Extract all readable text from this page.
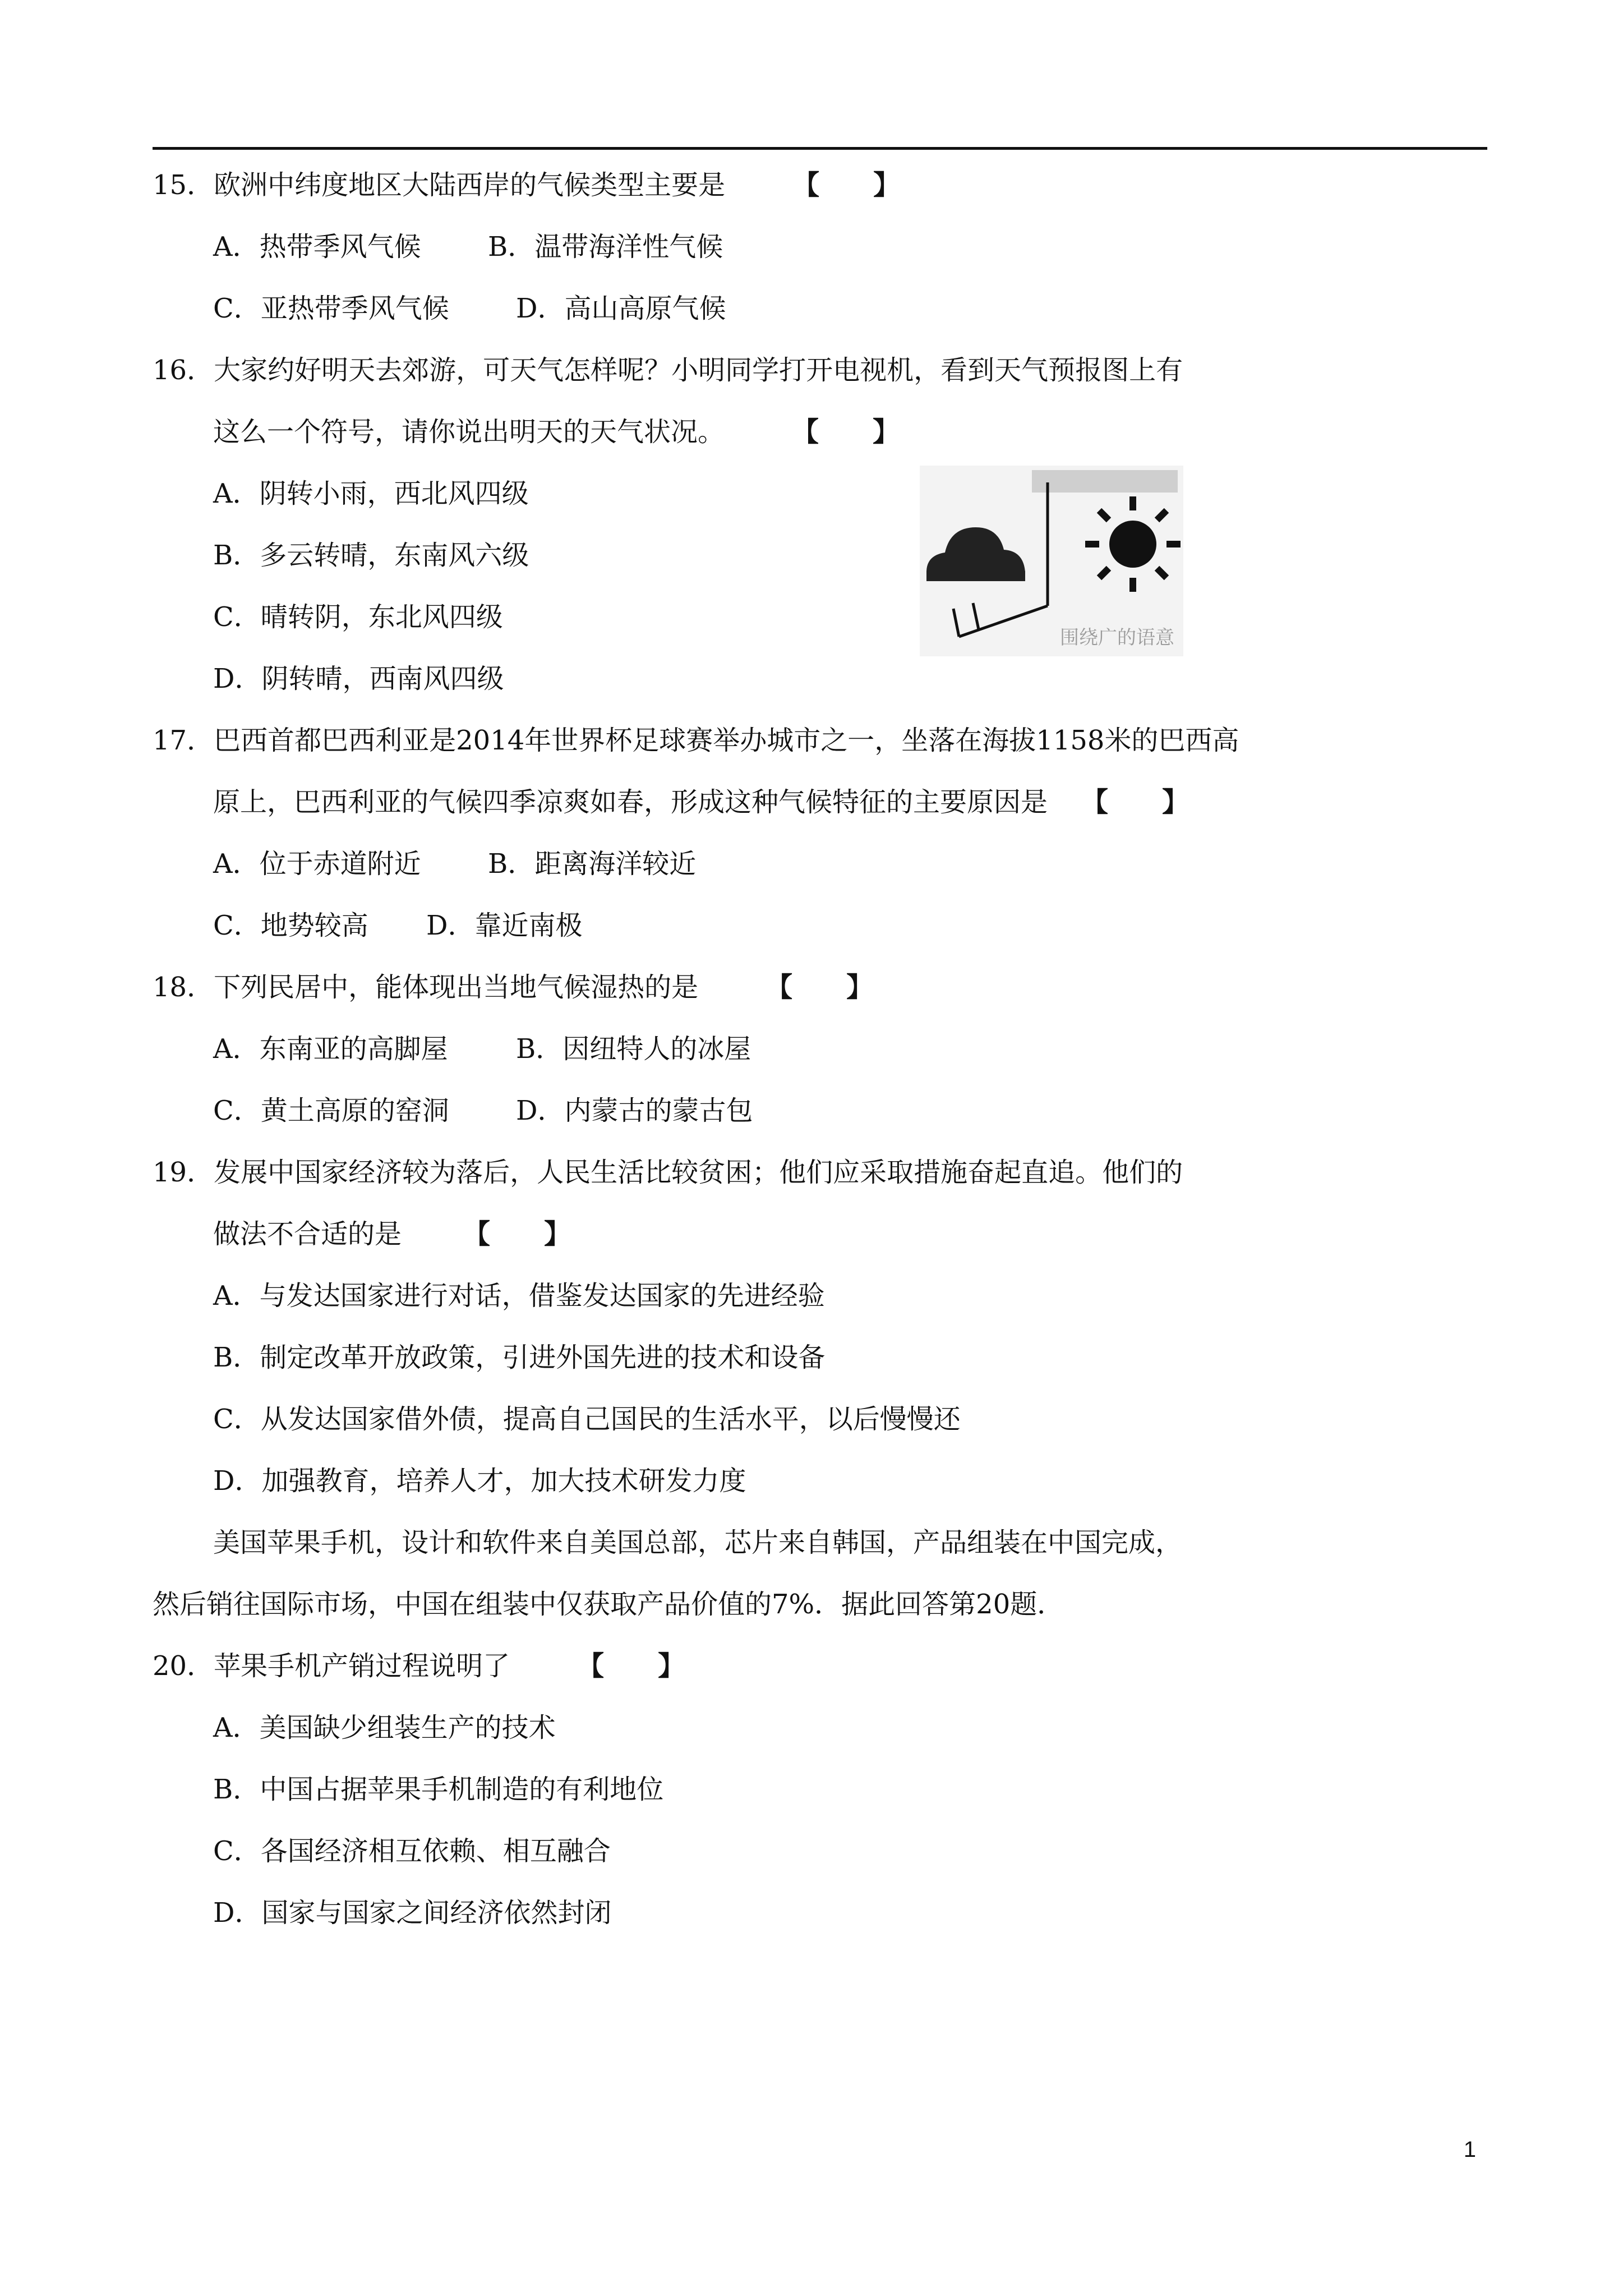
15．欧洲中纬度地区大陆西岸的气候类型主要是	【　　】
A．热带季风气候 B．温带海洋性气候
C．亚热带季风气候 D．高山高原气候
16．大家约好明天去郊游，可天气怎样呢？小明同学打开电视机，看到天气预报图上有
这么一个符号，请你说出明天的天气状况。	【　　】
A．阴转小雨，西北风四级
B．多云转晴，东南风六级
C．晴转阴，东北风四级
D．阴转晴，西南风四级
围绕广的语意
17．巴西首都巴西利亚是2014年世界杯足球赛举办城市之一，坐落在海拔1158米的巴西高
原上，巴西利亚的气候四季凉爽如春，形成这种气候特征的主要原因是 【　　】
A．位于赤道附近 B．距离海洋较近
C．地势较高 D．靠近南极
18．下列民居中，能体现出当地气候湿热的是	【　　】
A．东南亚的高脚屋	B．因纽特人的冰屋
C．黄土高原的窑洞 D．内蒙古的蒙古包
19．发展中国家经济较为落后，人民生活比较贫困；他们应采取措施奋起直追。他们的
做法不合适的是 【　　】
A．与发达国家进行对话，借鉴发达国家的先进经验
B．制定改革开放政策，引进外国先进的技术和设备
C．从发达国家借外债，提高自己国民的生活水平，以后慢慢还
D．加强教育，培养人才，加大技术研发力度
美国苹果手机，设计和软件来自美国总部，芯片来自韩国，产品组装在中国完成，
然后销往国际市场，中国在组装中仅获取产品价值的7%．据此回答第20题．
20．苹果手机产销过程说明了	【　　】
A．美国缺少组装生产的技术
B．中国占据苹果手机制造的有利地位
C．各国经济相互依赖、相互融合
D．国家与国家之间经济依然封闭
1
